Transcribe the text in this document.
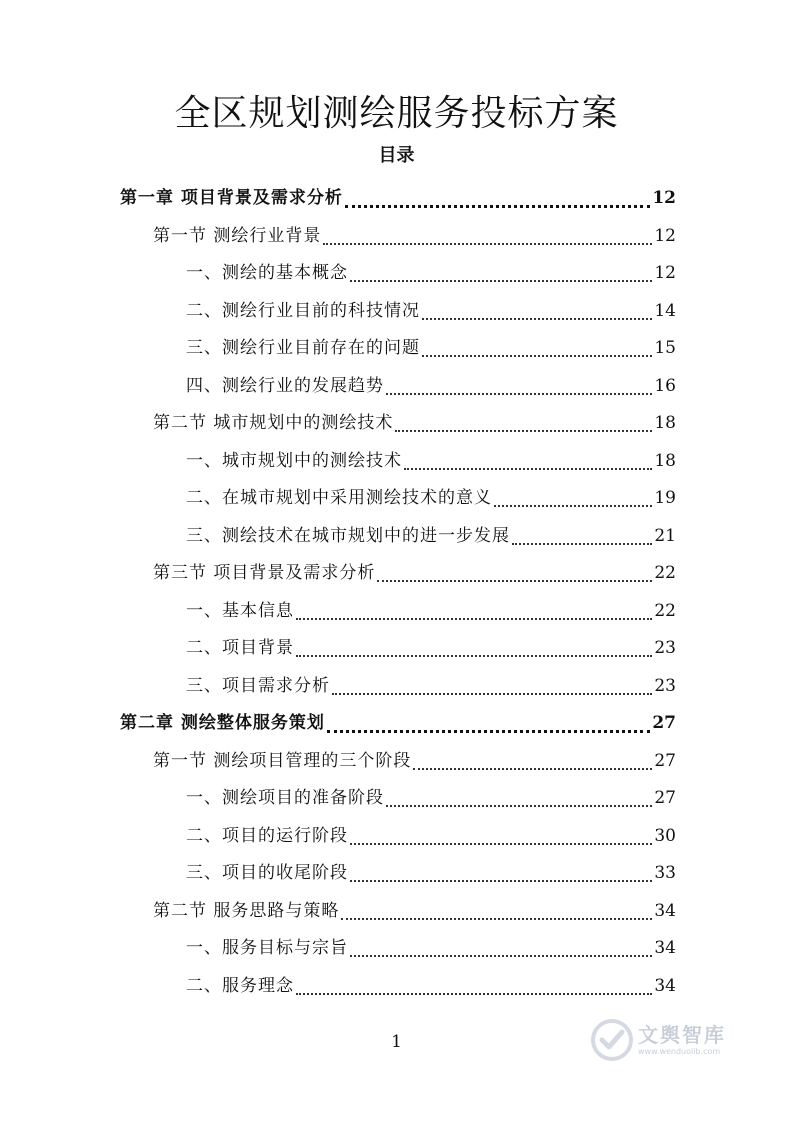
全区规划测绘服务投标方案
目录
第一章 项目背景及需求分析	12
第一节 测绘行业背景	12
一、测绘的基本概念	12
二、测绘行业目前的科技情况	14
三、测绘行业目前存在的问题	15
四、测绘行业的发展趋势	16
第二节 城市规划中的测绘技术	18
一、城市规划中的测绘技术	18
二、在城市规划中采用测绘技术的意义	19
三、测绘技术在城市规划中的进一步发展	21
第三节 项目背景及需求分析	22
一、基本信息	22
二、项目背景	23
三、项目需求分析	23
第二章 测绘整体服务策划	27
第一节 测绘项目管理的三个阶段	27
一、测绘项目的准备阶段	27
二、项目的运行阶段	30
三、项目的收尾阶段	33
第二节 服务思路与策略	34
一、服务目标与宗旨	34
二、服务理念	34
1	文舆智库
www.wenduolib.com
